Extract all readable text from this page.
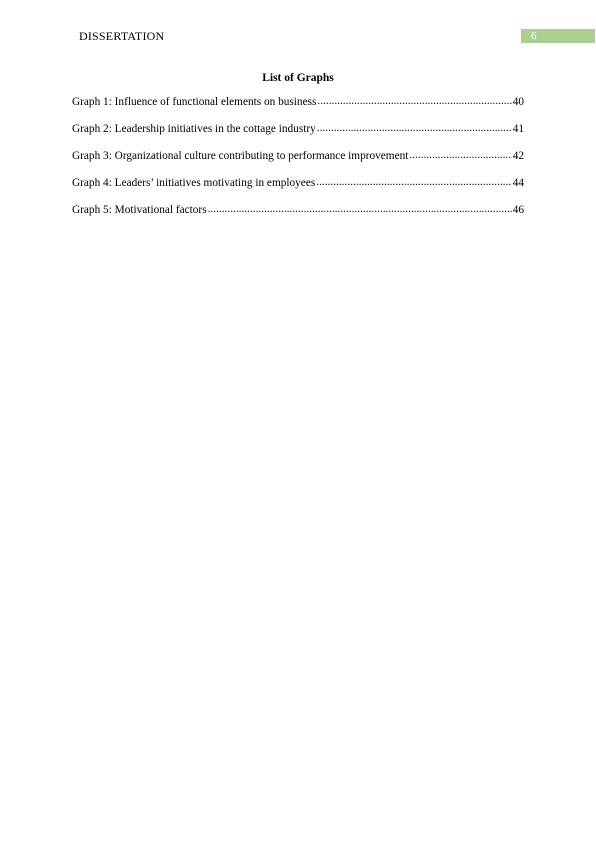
DISSERTATION	6
List of Graphs
Graph 1: Influence of functional elements on business .....	40
Graph 2: Leadership initiatives in the cottage industry .....	41
Graph 3: Organizational culture contributing to performance improvement .....	42
Graph 4: Leaders’ initiatives motivating in employees .....	44
Graph 5: Motivational factors .....	46
